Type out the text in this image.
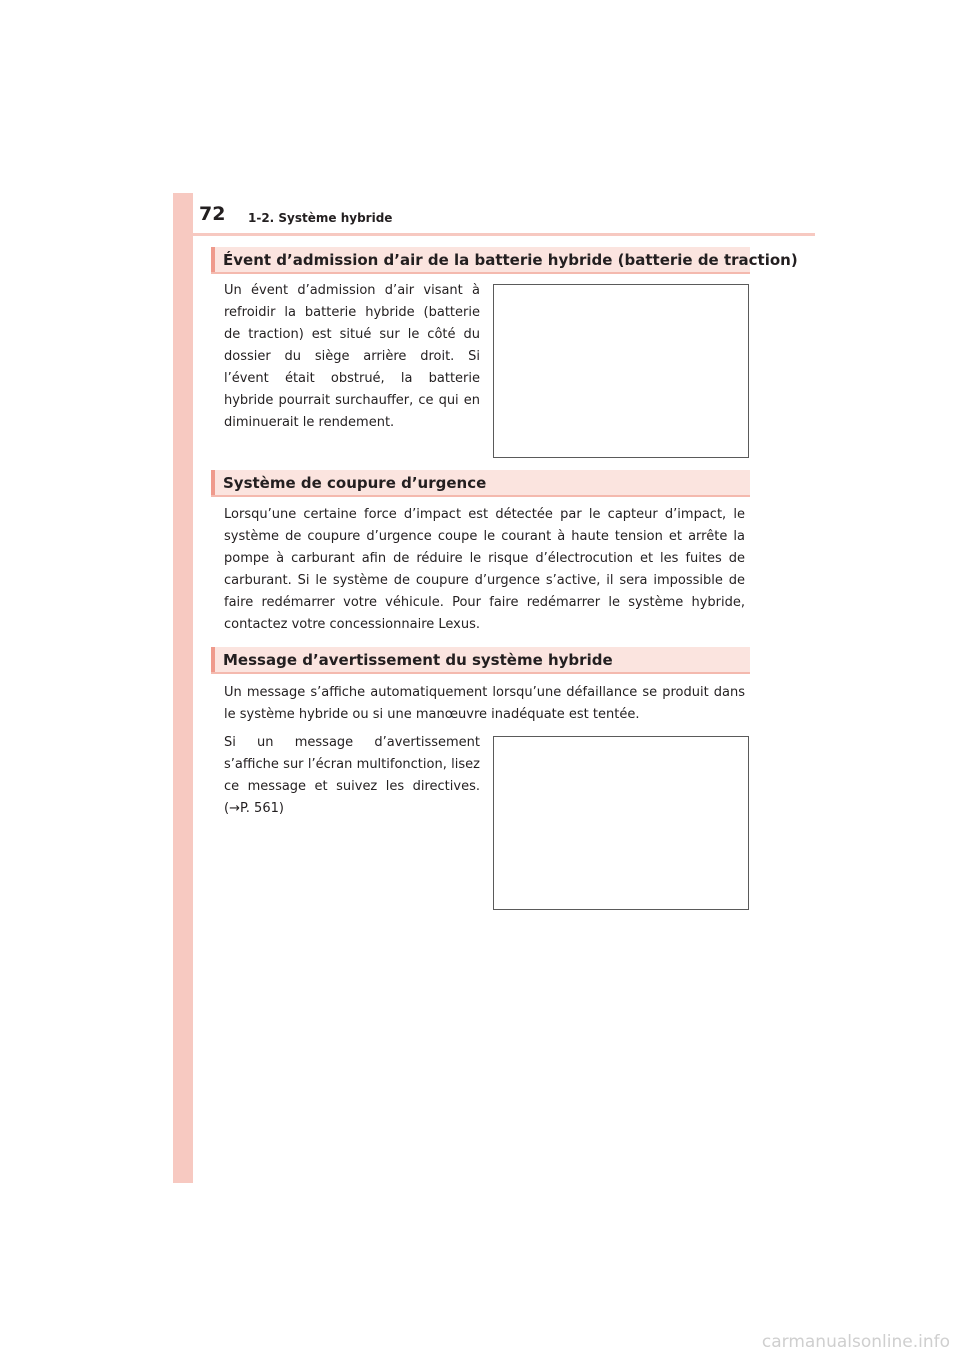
72 1-2. Système hybride
Évent d’admission d’air de la batterie hybride (batterie de traction)

Un évent d’admission d’air visant à refroidir la batterie hybride (batterie de traction) est situé sur le côté du dossier du siège arrière droit. Si l’évent était obstrué, la batterie hybride pourrait surchauffer, ce qui en diminuerait le rendement.

Système de coupure d’urgence

Lorsqu’une certaine force d’impact est détectée par le capteur d’impact, le système de coupure d’urgence coupe le courant à haute tension et arrête la pompe à carburant afin de réduire le risque d’électrocution et les fuites de carburant. Si le système de coupure d’urgence s’active, il sera impossible de faire redémarrer votre véhicule. Pour faire redémarrer le système hybride, contactez votre concessionnaire Lexus.

Message d’avertissement du système hybride

Un message s’affiche automatiquement lorsqu’une défaillance se produit dans le système hybride ou si une manœuvre inadéquate est tentée.

Si un message d’avertissement s’affiche sur l’écran multifonction, lisez ce message et suivez les directives. (→P. 561)

carmanualsonline.info
